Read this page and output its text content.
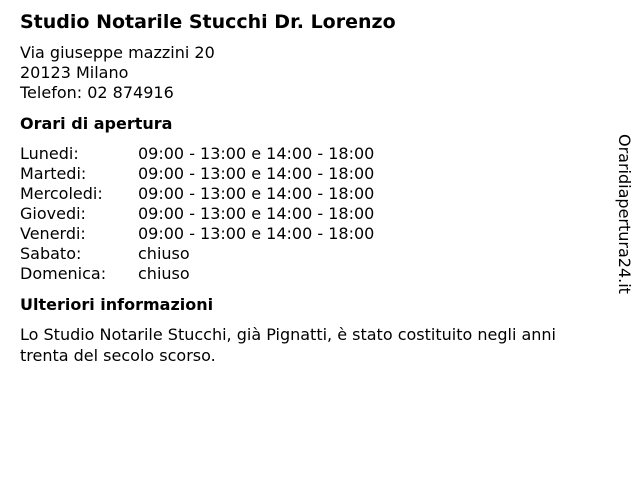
Studio Notarile Stucchi Dr. Lorenzo
Via giuseppe mazzini 20
20123 Milano
Telefon: 02 874916
Orari di apertura
Lunedi:	09:00 - 13:00 e 14:00 - 18:00
Martedi:	09:00 - 13:00 e 14:00 - 18:00
Mercoledi:	09:00 - 13:00 e 14:00 - 18:00
Giovedi:	09:00 - 13:00 e 14:00 - 18:00
Venerdi:	09:00 - 13:00 e 14:00 - 18:00
Sabato:	chiuso
Domenica:	chiuso
Ulteriori informazioni
Lo Studio Notarile Stucchi, già Pignatti, è stato costituito negli anni trenta del secolo scorso.
Oraridiapertura24.it
